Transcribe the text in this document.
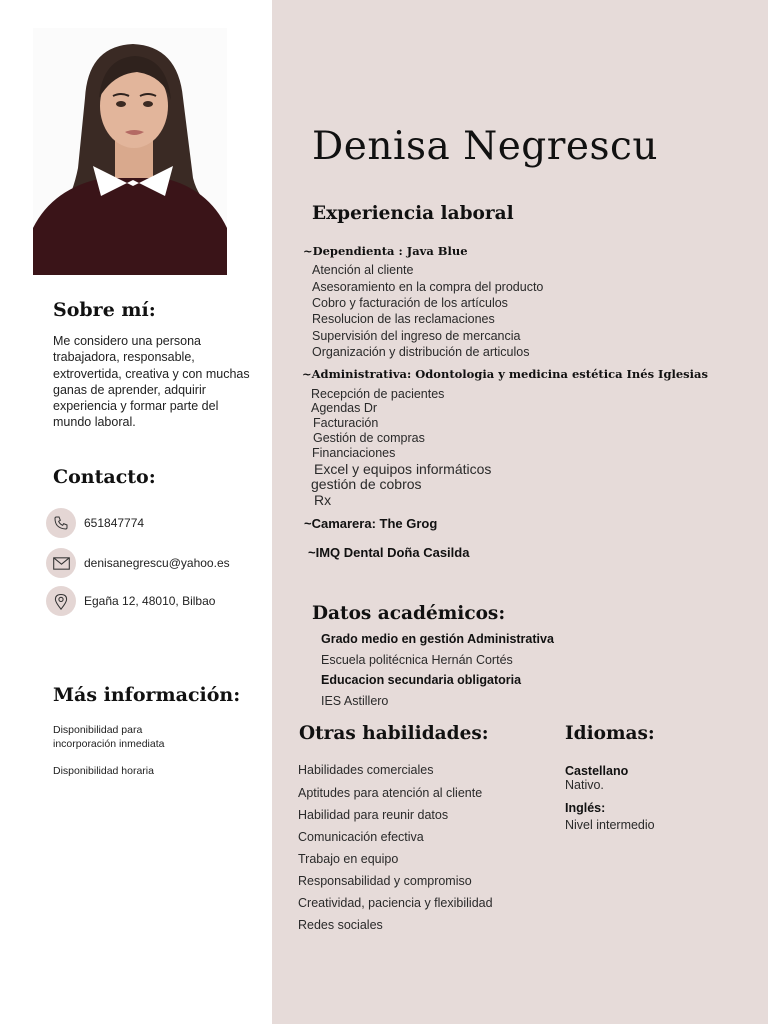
Sobre mí:
Me considero una persona trabajadora, responsable, extrovertida, creativa y con muchas ganas de aprender, adquirir experiencia y formar parte del mundo laboral.
Contacto:
651847774
denisanegrescu@yahoo.es
Egaña 12, 48010, Bilbao
Más información:
Disponibilidad para incorporación inmediata
Disponibilidad horaria
Denisa Negrescu
Experiencia laboral
~Dependienta : Java Blue
Atención al cliente
Asesoramiento en la compra del producto
Cobro y facturación de los artículos
Resolucion de las reclamaciones
Supervisión del ingreso de mercancia
Organización y distribución de articulos
~Administrativa: Odontologia y medicina estética Inés Iglesias
Recepción de pacientes
Agendas Dr
Facturación
Gestión de compras
Financiaciones
Excel y equipos informáticos
gestión de cobros
Rx
~Camarera: The Grog
~IMQ Dental Doña Casilda
Datos académicos:
Grado medio en gestión Administrativa
Escuela politécnica Hernán Cortés
Educacion secundaria obligatoria
IES Astillero
Otras habilidades:
Habilidades comerciales
Aptitudes para atención al cliente
Habilidad para reunir datos
Comunicación efectiva
Trabajo en equipo
Responsabilidad y compromiso
Creatividad, paciencia y flexibilidad
Redes sociales
Idiomas:
Castellano
Nativo.
Inglés:
Nivel intermedio
